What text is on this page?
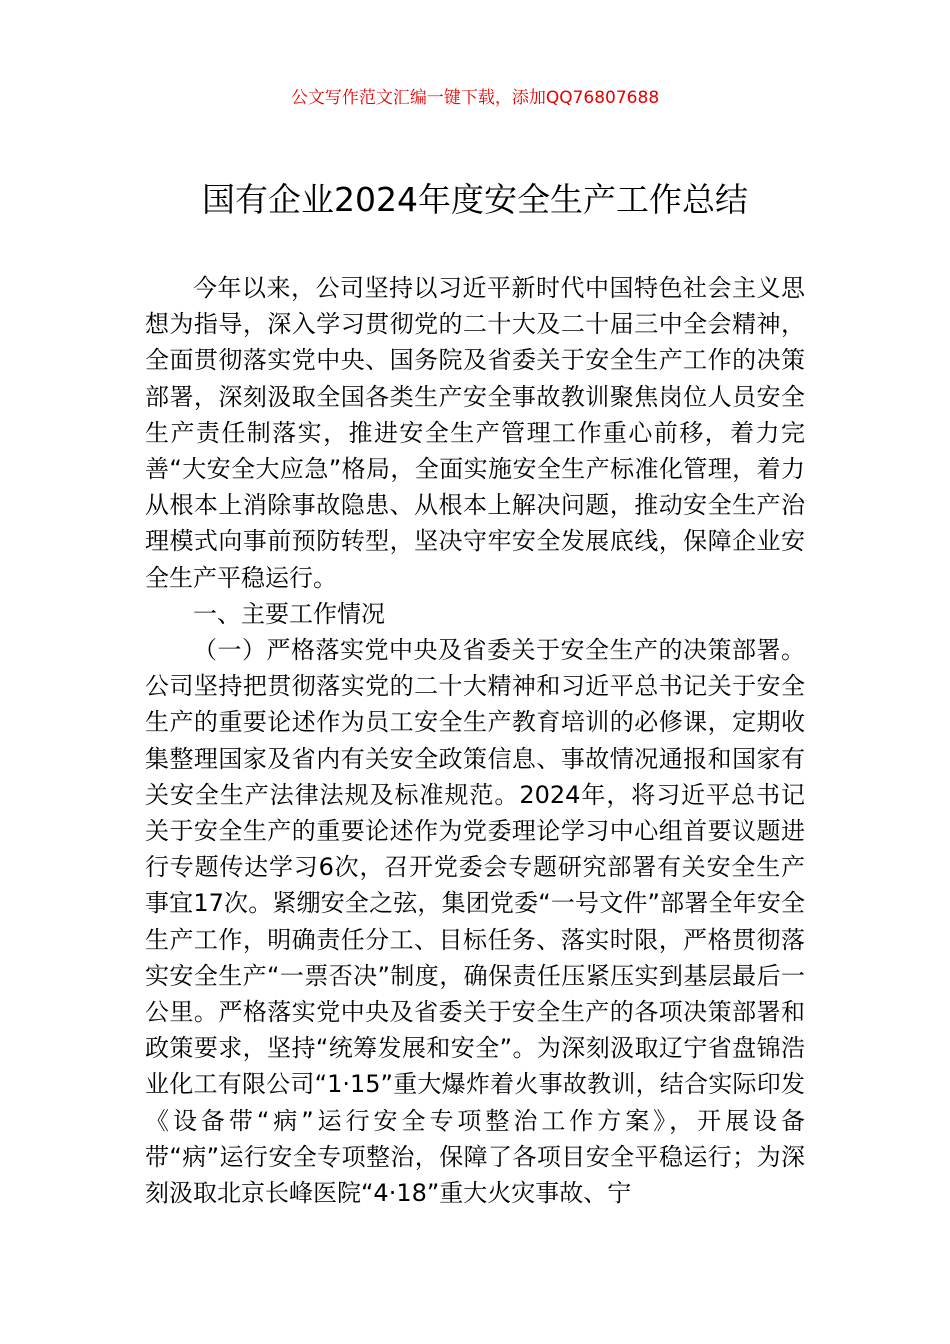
公文写作范文汇编一键下载，添加QQ76807688
国有企业2024年度安全生产工作总结

今年以来，公司坚持以习近平新时代中国特色社会主义思想为指导，深入学习贯彻党的二十大及二十届三中全会精神，全面贯彻落实党中央、国务院及省委关于安全生产工作的决策部署，深刻汲取全国各类生产安全事故教训聚焦岗位人员安全生产责任制落实，推进安全生产管理工作重心前移，着力完善“大安全大应急”格局，全面实施安全生产标准化管理，着力从根本上消除事故隐患、从根本上解决问题，推动安全生产治理模式向事前预防转型，坚决守牢安全发展底线，保障企业安全生产平稳运行。

一、主要工作情况

（一）严格落实党中央及省委关于安全生产的决策部署。公司坚持把贯彻落实党的二十大精神和习近平总书记关于安全生产的重要论述作为员工安全生产教育培训的必修课，定期收集整理国家及省内有关安全政策信息、事故情况通报和国家有关安全生产法律法规及标准规范。2024年，将习近平总书记关于安全生产的重要论述作为党委理论学习中心组首要议题进行专题传达学习6次，召开党委会专题研究部署有关安全生产事宜17次。紧绷安全之弦，集团党委“一号文件”部署全年安全生产工作，明确责任分工、目标任务、落实时限，严格贯彻落实安全生产“一票否决”制度，确保责任压紧压实到基层最后一公里。严格落实党中央及省委关于安全生产的各项决策部署和政策要求，坚持“统筹发展和安全”。为深刻汲取辽宁省盘锦浩业化工有限公司“1·15”重大爆炸着火事故教训，结合实际印发《设备带“病”运行安全专项整治工作方案》，开展设备带“病”运行安全专项整治，保障了各项目安全平稳运行；为深刻汲取北京长峰医院“4·18”重大火灾事故、宁
